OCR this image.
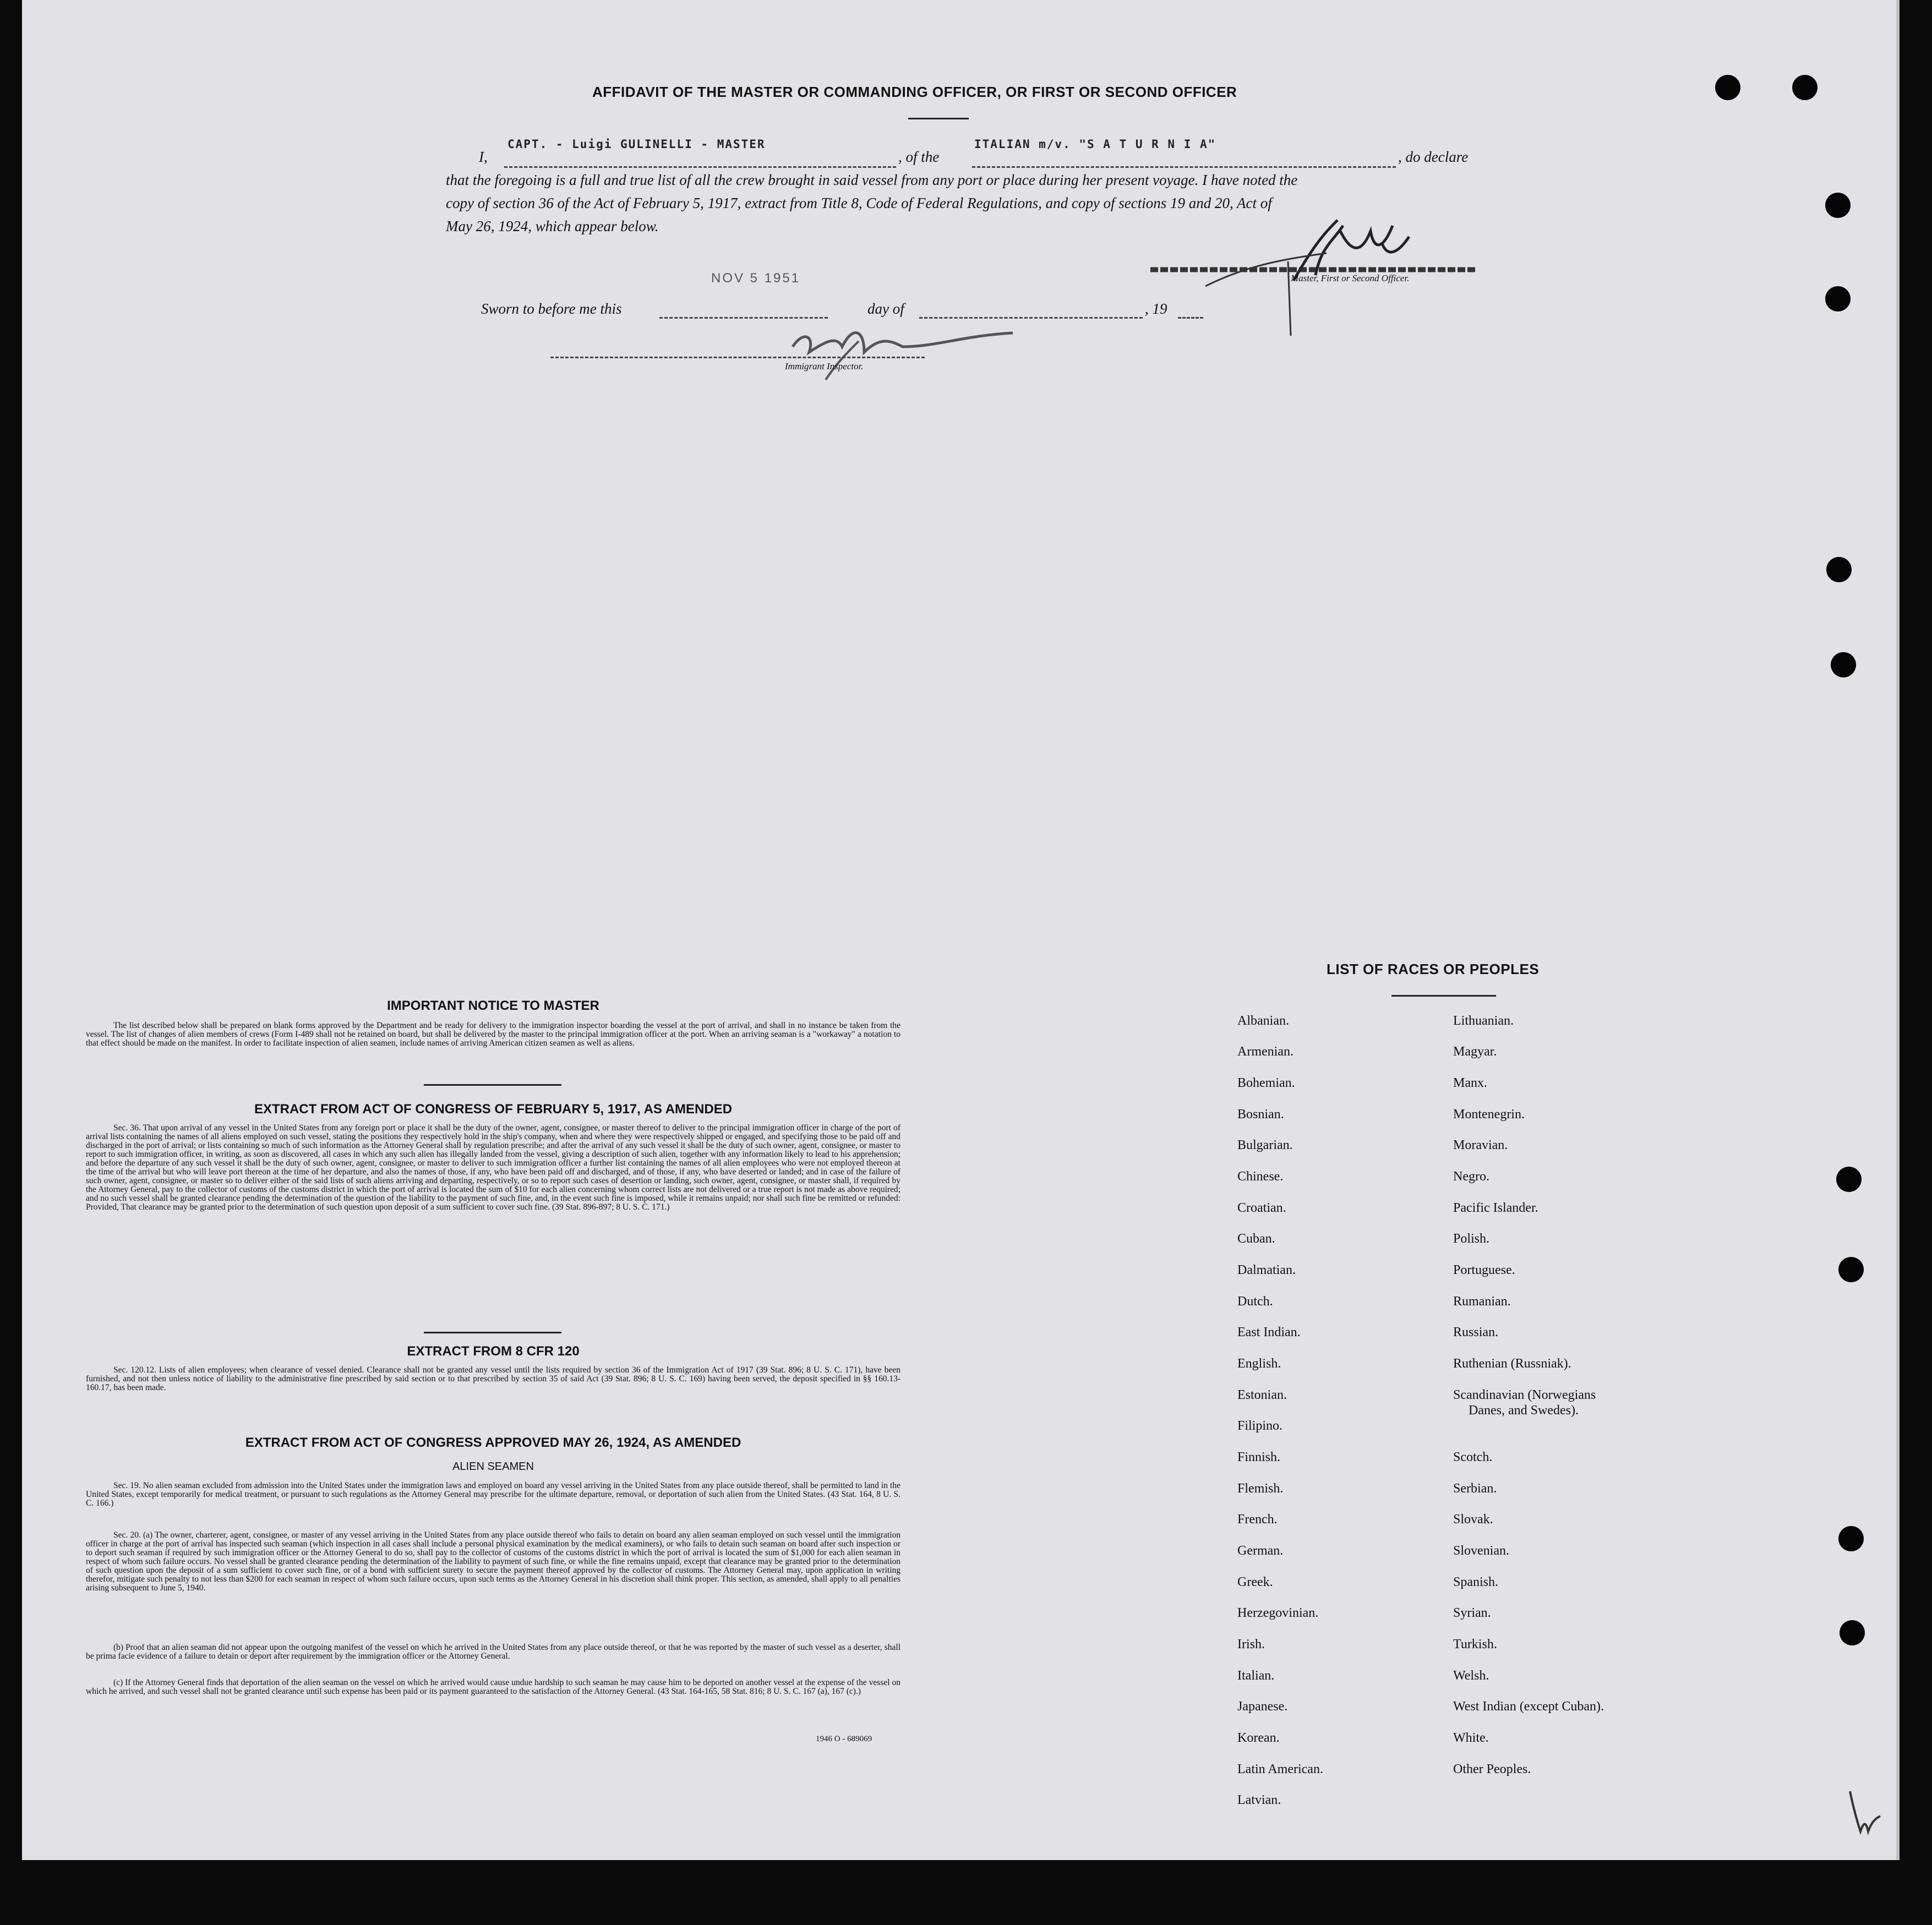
AFFIDAVIT OF THE MASTER OR COMMANDING OFFICER, OR FIRST OR SECOND OFFICER
I,
CAPT. - Luigi GULINELLI - MASTER
, of the
ITALIAN m/v. "S A T U R N I A"
, do declare
that the foregoing is a full and true list of all the crew brought in said vessel from any port or place during her present voyage. I have noted the
copy of section 36 of the Act of February 5, 1917, extract from Title 8, Code of Federal Regulations, and copy of sections 19 and 20, Act of
May 26, 1924, which appear below.
Master, First or Second Officer.
NOV 5 1951
Sworn to before me this	day of	, 19
Immigrant Inspector.
IMPORTANT NOTICE TO MASTER
The list described below shall be prepared on blank forms approved by the Department and be ready for delivery to the immigration inspector boarding the vessel at the port of arrival, and shall in no instance be taken from the vessel. The list of changes of alien members of crews (Form I-489 shall not be retained on board, but shall be delivered by the master to the principal immigration officer at the port. When an arriving seaman is a "workaway" a notation to that effect should be made on the manifest. In order to facilitate inspection of alien seamen, include names of arriving American citizen seamen as well as aliens.
EXTRACT FROM ACT OF CONGRESS OF FEBRUARY 5, 1917, AS AMENDED
Sec. 36. That upon arrival of any vessel in the United States from any foreign port or place it shall be the duty of the owner, agent, consignee, or master thereof to deliver to the principal immigration officer in charge of the port of arrival lists containing the names of all aliens employed on such vessel, stating the positions they respectively hold in the ship's company, when and where they were respectively shipped or engaged, and specifying those to be paid off and discharged in the port of arrival; or lists containing so much of such information as the Attorney General shall by regulation prescribe; and after the arrival of any such vessel it shall be the duty of such owner, agent, consignee, or master to report to such immigration officer, in writing, as soon as discovered, all cases in which any such alien has illegally landed from the vessel, giving a description of such alien, together with any information likely to lead to his apprehension; and before the departure of any such vessel it shall be the duty of such owner, agent, consignee, or master to deliver to such immigration officer a further list containing the names of all alien employees who were not employed thereon at the time of the arrival but who will leave port thereon at the time of her departure, and also the names of those, if any, who have been paid off and discharged, and of those, if any, who have deserted or landed; and in case of the failure of such owner, agent, consignee, or master so to deliver either of the said lists of such aliens arriving and departing, respectively, or so to report such cases of desertion or landing, such owner, agent, consignee, or master shall, if required by the Attorney General, pay to the collector of customs of the customs district in which the port of arrival is located the sum of $10 for each alien concerning whom correct lists are not delivered or a true report is not made as above required; and no such vessel shall be granted clearance pending the determination of the question of the liability to the payment of such fine, and, in the event such fine is imposed, while it remains unpaid; nor shall such fine be remitted or refunded: Provided, That clearance may be granted prior to the determination of such question upon deposit of a sum sufficient to cover such fine. (39 Stat. 896-897; 8 U. S. C. 171.)
EXTRACT FROM 8 CFR 120
Sec. 120.12. Lists of alien employees; when clearance of vessel denied. Clearance shall not be granted any vessel until the lists required by section 36 of the Immigration Act of 1917 (39 Stat. 896; 8 U. S. C. 171), have been furnished, and not then unless notice of liability to the administrative fine prescribed by said section or to that prescribed by section 35 of said Act (39 Stat. 896; 8 U. S. C. 169) having been served, the deposit specified in §§ 160.13-160.17, has been made.
EXTRACT FROM ACT OF CONGRESS APPROVED MAY 26, 1924, AS AMENDED
ALIEN SEAMEN
Sec. 19. No alien seaman excluded from admission into the United States under the immigration laws and employed on board any vessel arriving in the United States from any place outside thereof, shall be permitted to land in the United States, except temporarily for medical treatment, or pursuant to such regulations as the Attorney General may prescribe for the ultimate departure, removal, or deportation of such alien from the United States. (43 Stat. 164, 8 U. S. C. 166.)
Sec. 20. (a) The owner, charterer, agent, consignee, or master of any vessel arriving in the United States from any place outside thereof who fails to detain on board any alien seaman employed on such vessel until the immigration officer in charge at the port of arrival has inspected such seaman (which inspection in all cases shall include a personal physical examination by the medical examiners), or who fails to detain such seaman on board after such inspection or to deport such seaman if required by such immigration officer or the Attorney General to do so, shall pay to the collector of customs of the customs district in which the port of arrival is located the sum of $1,000 for each alien seaman in respect of whom such failure occurs. No vessel shall be granted clearance pending the determination of the liability to payment of such fine, or while the fine remains unpaid, except that clearance may be granted prior to the determination of such question upon the deposit of a sum sufficient to cover such fine, or of a bond with sufficient surety to secure the payment thereof approved by the collector of customs. The Attorney General may, upon application in writing therefor, mitigate such penalty to not less than $200 for each seaman in respect of whom such failure occurs, upon such terms as the Attorney General in his discretion shall think proper. This section, as amended, shall apply to all penalties arising subsequent to June 5, 1940.
(b) Proof that an alien seaman did not appear upon the outgoing manifest of the vessel on which he arrived in the United States from any place outside thereof, or that he was reported by the master of such vessel as a deserter, shall be prima facie evidence of a failure to detain or deport after requirement by the immigration officer or the Attorney General.
(c) If the Attorney General finds that deportation of the alien seaman on the vessel on which he arrived would cause undue hardship to such seaman he may cause him to be deported on another vessel at the expense of the vessel on which he arrived, and such vessel shall not be granted clearance until such expense has been paid or its payment guaranteed to the satisfaction of the Attorney General. (43 Stat. 164-165, 58 Stat. 816; 8 U. S. C. 167 (a), 167 (c).)
1946 O - 689069
LIST OF RACES OR PEOPLES
Albanian.
Armenian.
Bohemian.
Bosnian.
Bulgarian.
Chinese.
Croatian.
Cuban.
Dalmatian.
Dutch.
East Indian.
English.
Estonian.
Filipino.
Finnish.
Flemish.
French.
German.
Greek.
Herzegovinian.
Irish.
Italian.
Japanese.
Korean.
Latin American.
Latvian.
Lithuanian.
Magyar.
Manx.
Montenegrin.
Moravian.
Negro.
Pacific Islander.
Polish.
Portuguese.
Rumanian.
Russian.
Ruthenian (Russniak).
Scandinavian (Norwegians
Danes, and Swedes).
Scotch.
Serbian.
Slovak.
Slovenian.
Spanish.
Syrian.
Turkish.
Welsh.
West Indian (except Cuban).
White.
Other Peoples.
